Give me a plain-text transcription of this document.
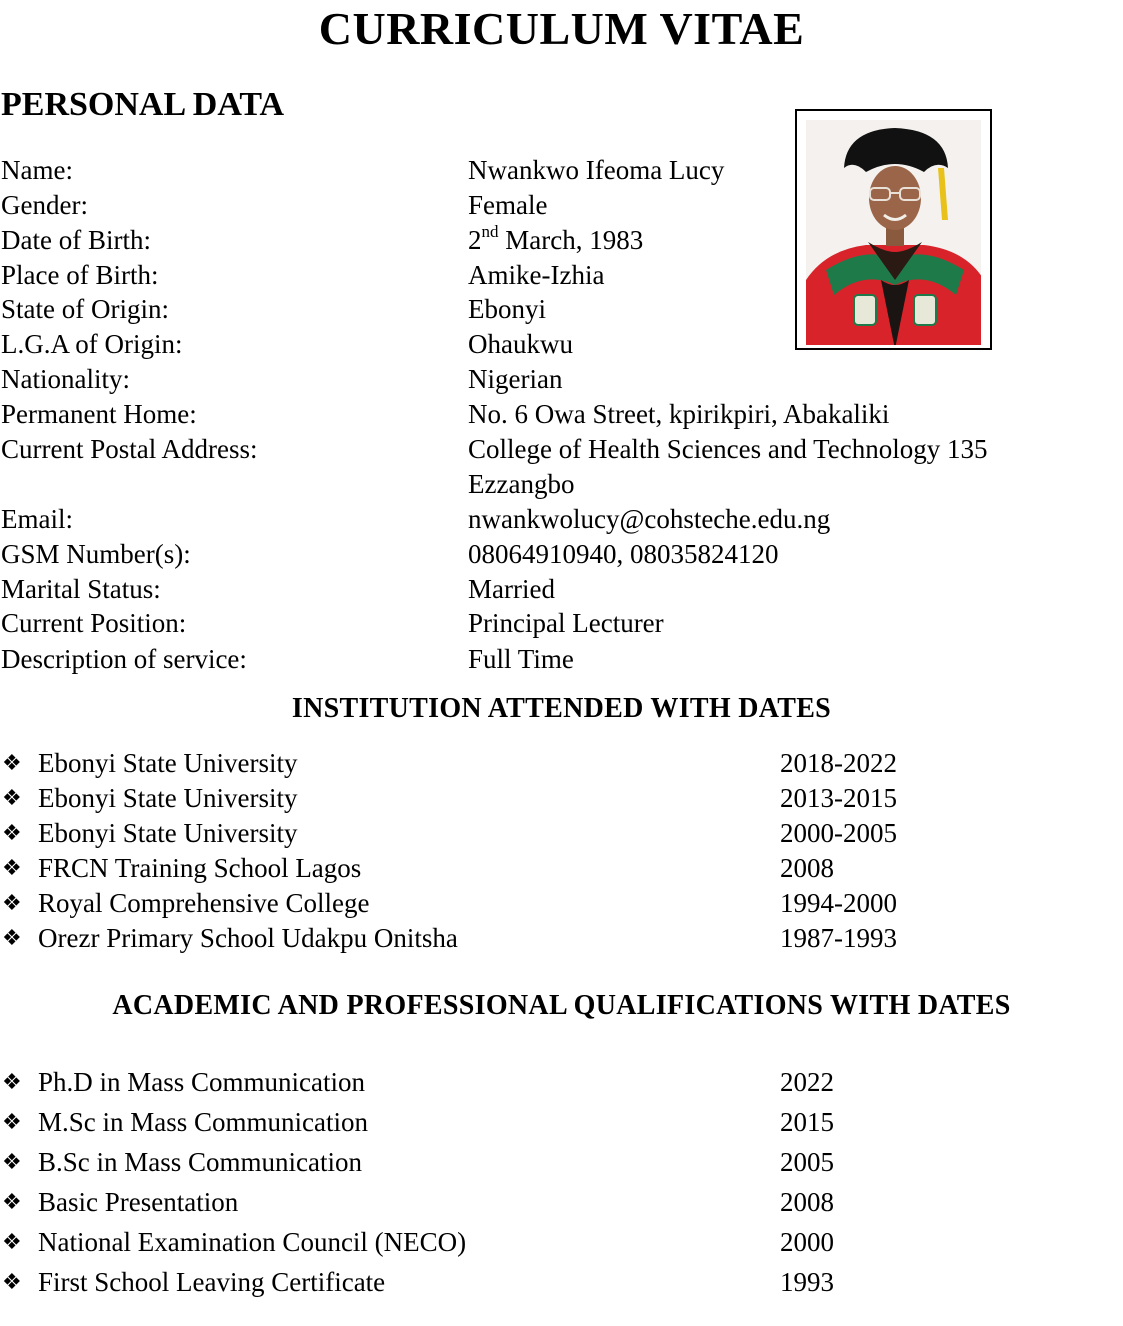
CURRICULUM VITAE
PERSONAL DATA
Name:	Nwankwo Ifeoma Lucy
Gender:	Female
Date of Birth:	2nd March, 1983
Place of Birth:	Amike-Izhia
State of Origin:	Ebonyi
L.G.A of Origin:	Ohaukwu
Nationality:	Nigerian
Permanent Home:	No. 6 Owa Street, kpirikpiri, Abakaliki
Current Postal Address:	College of Health Sciences and Technology 135
Ezzangbo
Email:	nwankwolucy@cohsteche.edu.ng
GSM Number(s):	08064910940, 08035824120
Marital Status:	Married
Current Position:	Principal Lecturer
Description of service:	Full Time
INSTITUTION ATTENDED WITH DATES
❖ Ebonyi State University	2018-2022
❖ Ebonyi State University	2013-2015
❖ Ebonyi State University	2000-2005
❖ FRCN Training School Lagos	2008
❖ Royal Comprehensive College	1994-2000
❖ Orezr Primary School Udakpu Onitsha	1987-1993
ACADEMIC AND PROFESSIONAL QUALIFICATIONS WITH DATES
❖ Ph.D in Mass Communication	2022
❖ M.Sc in Mass Communication	2015
❖ B.Sc in Mass Communication	2005
❖ Basic Presentation	2008
❖ National Examination Council (NECO)	2000
❖ First School Leaving Certificate	1993
